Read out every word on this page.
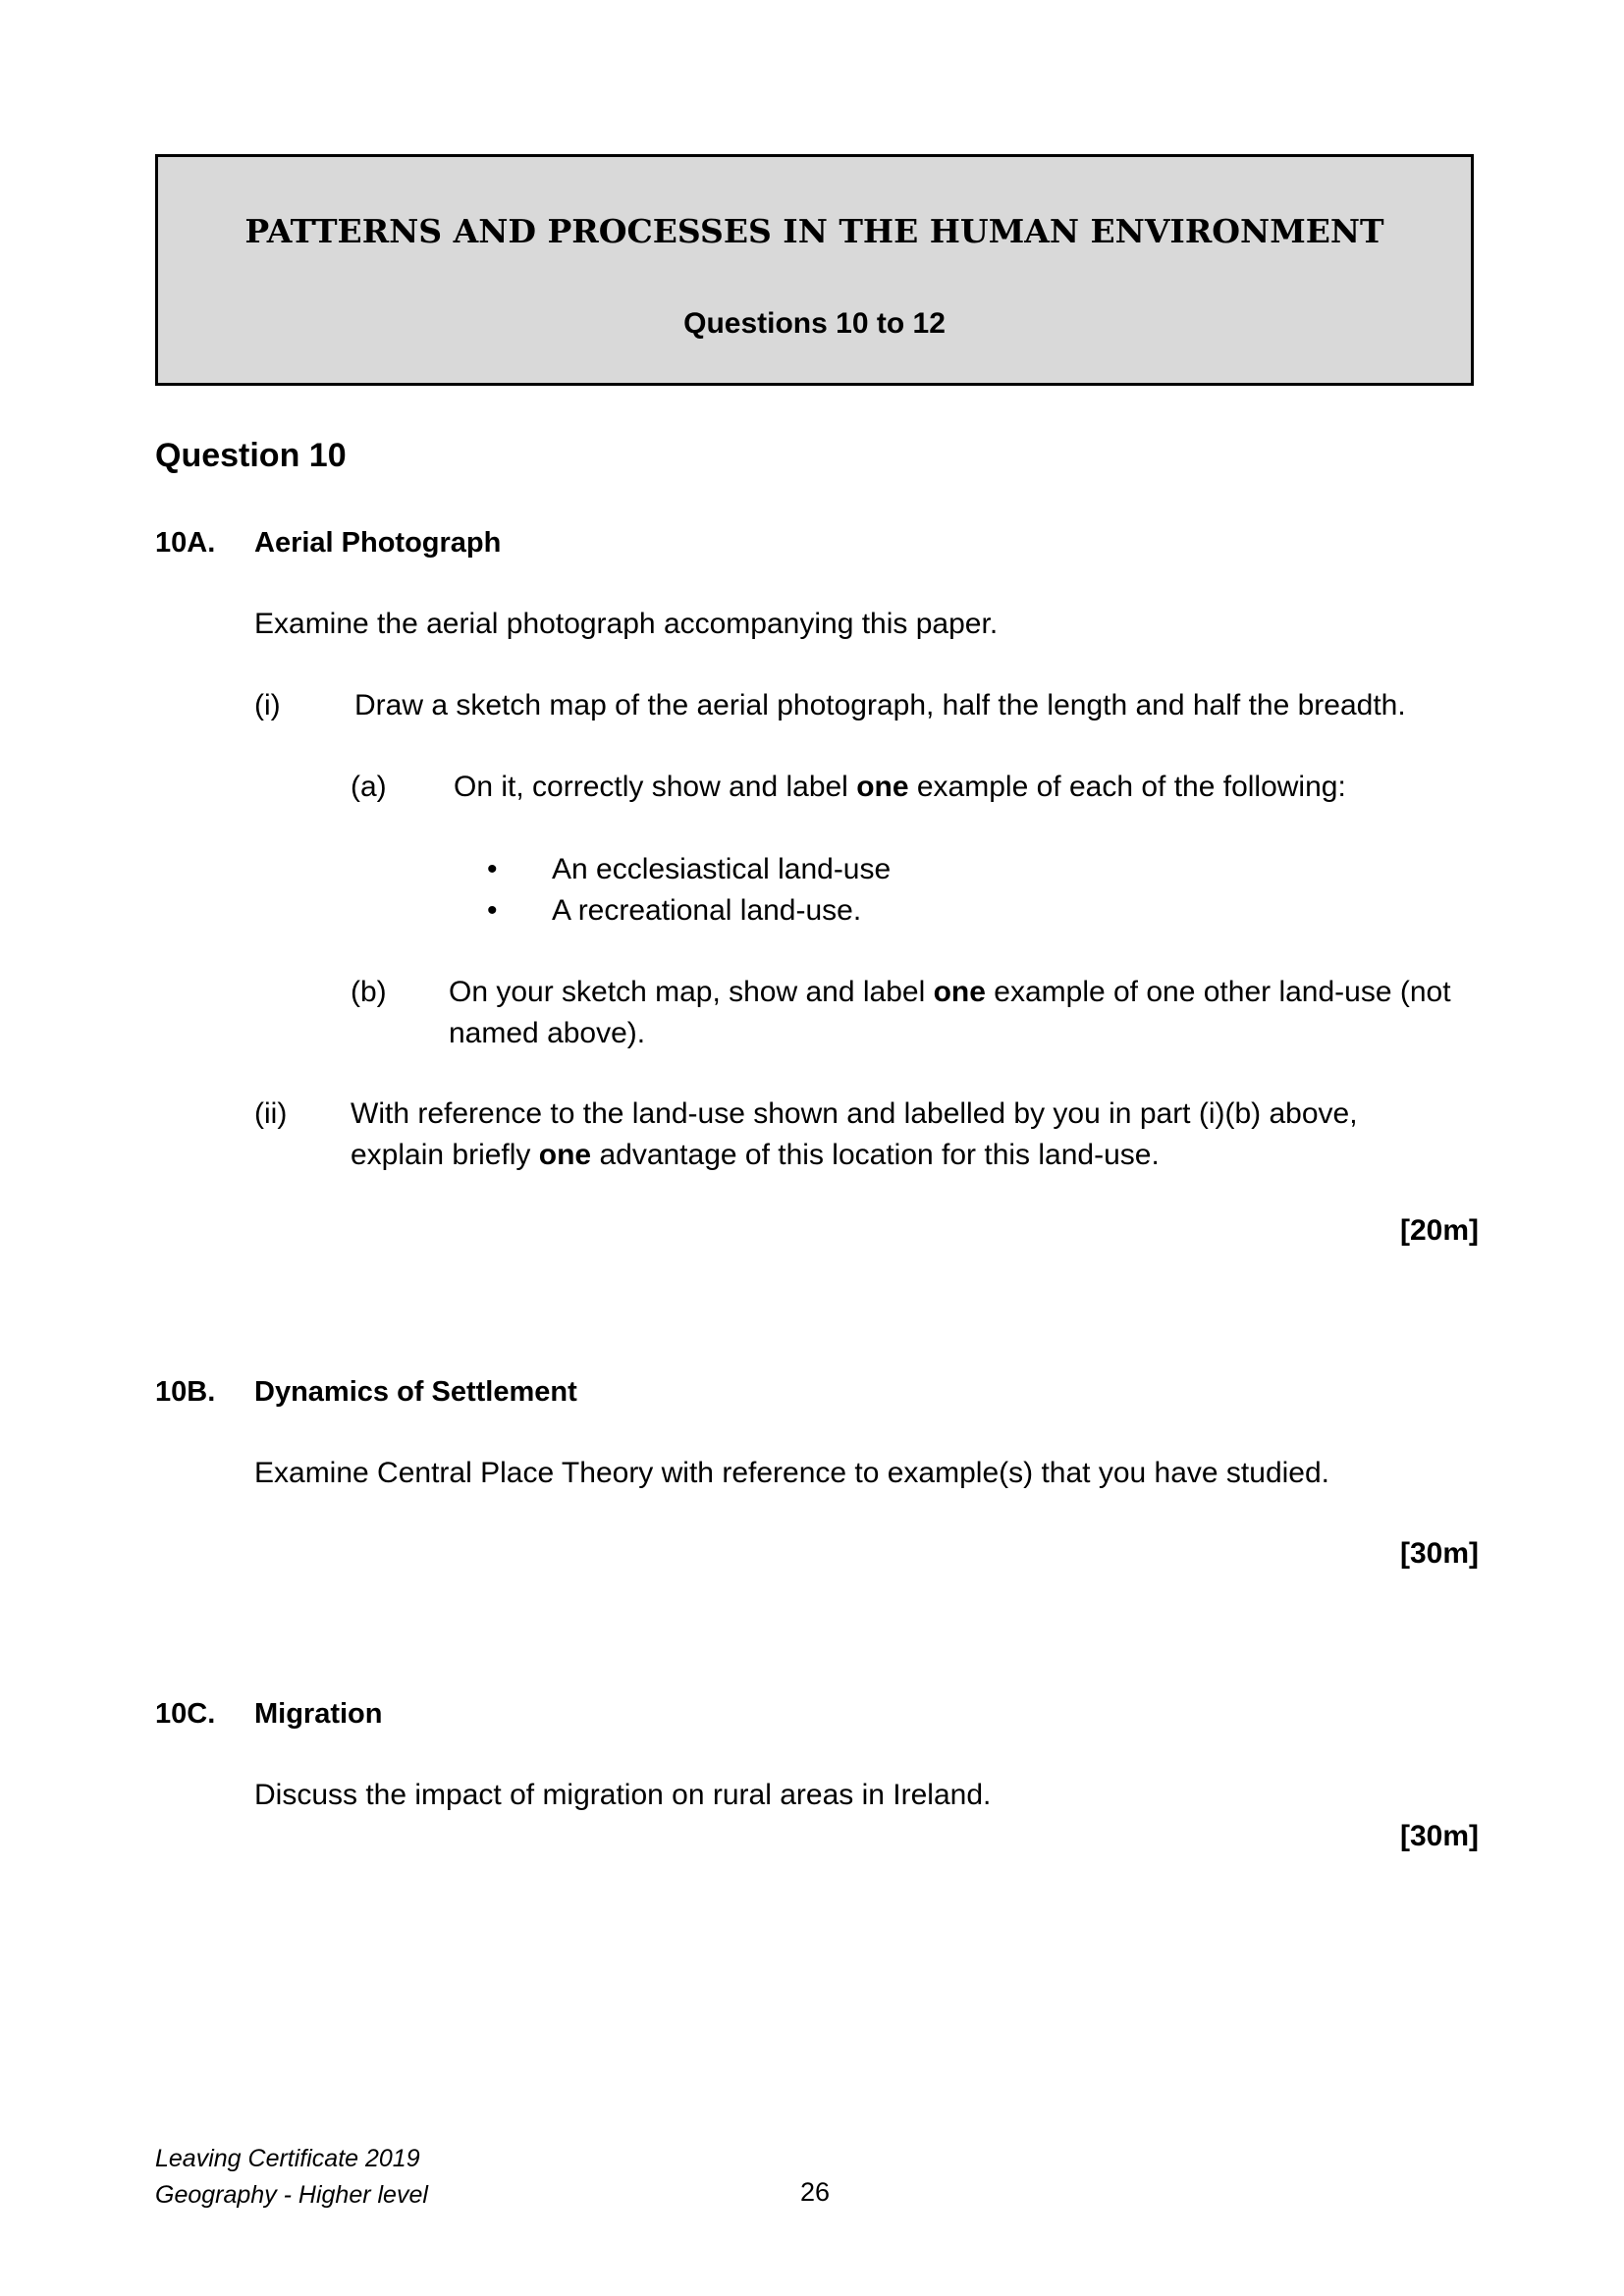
PATTERNS AND PROCESSES IN THE HUMAN ENVIRONMENT
Questions 10 to 12
Question 10
10A. Aerial Photograph
Examine the aerial photograph accompanying this paper.
(i)	Draw a sketch map of the aerial photograph, half the length and half the breadth.
(a) On it, correctly show and label one example of each of the following:
• An ecclesiastical land-use
• A recreational land-use.
(b) On your sketch map, show and label one example of one other land-use (not
named above).
(ii) With reference to the land-use shown and labelled by you in part (i)(b) above,
explain briefly one advantage of this location for this land-use.
[20m]
10B. Dynamics of Settlement
Examine Central Place Theory with reference to example(s) that you have studied.
[30m]
10C. Migration
Discuss the impact of migration on rural areas in Ireland.
[30m]
Leaving Certificate 2019
Geography - Higher level	26
